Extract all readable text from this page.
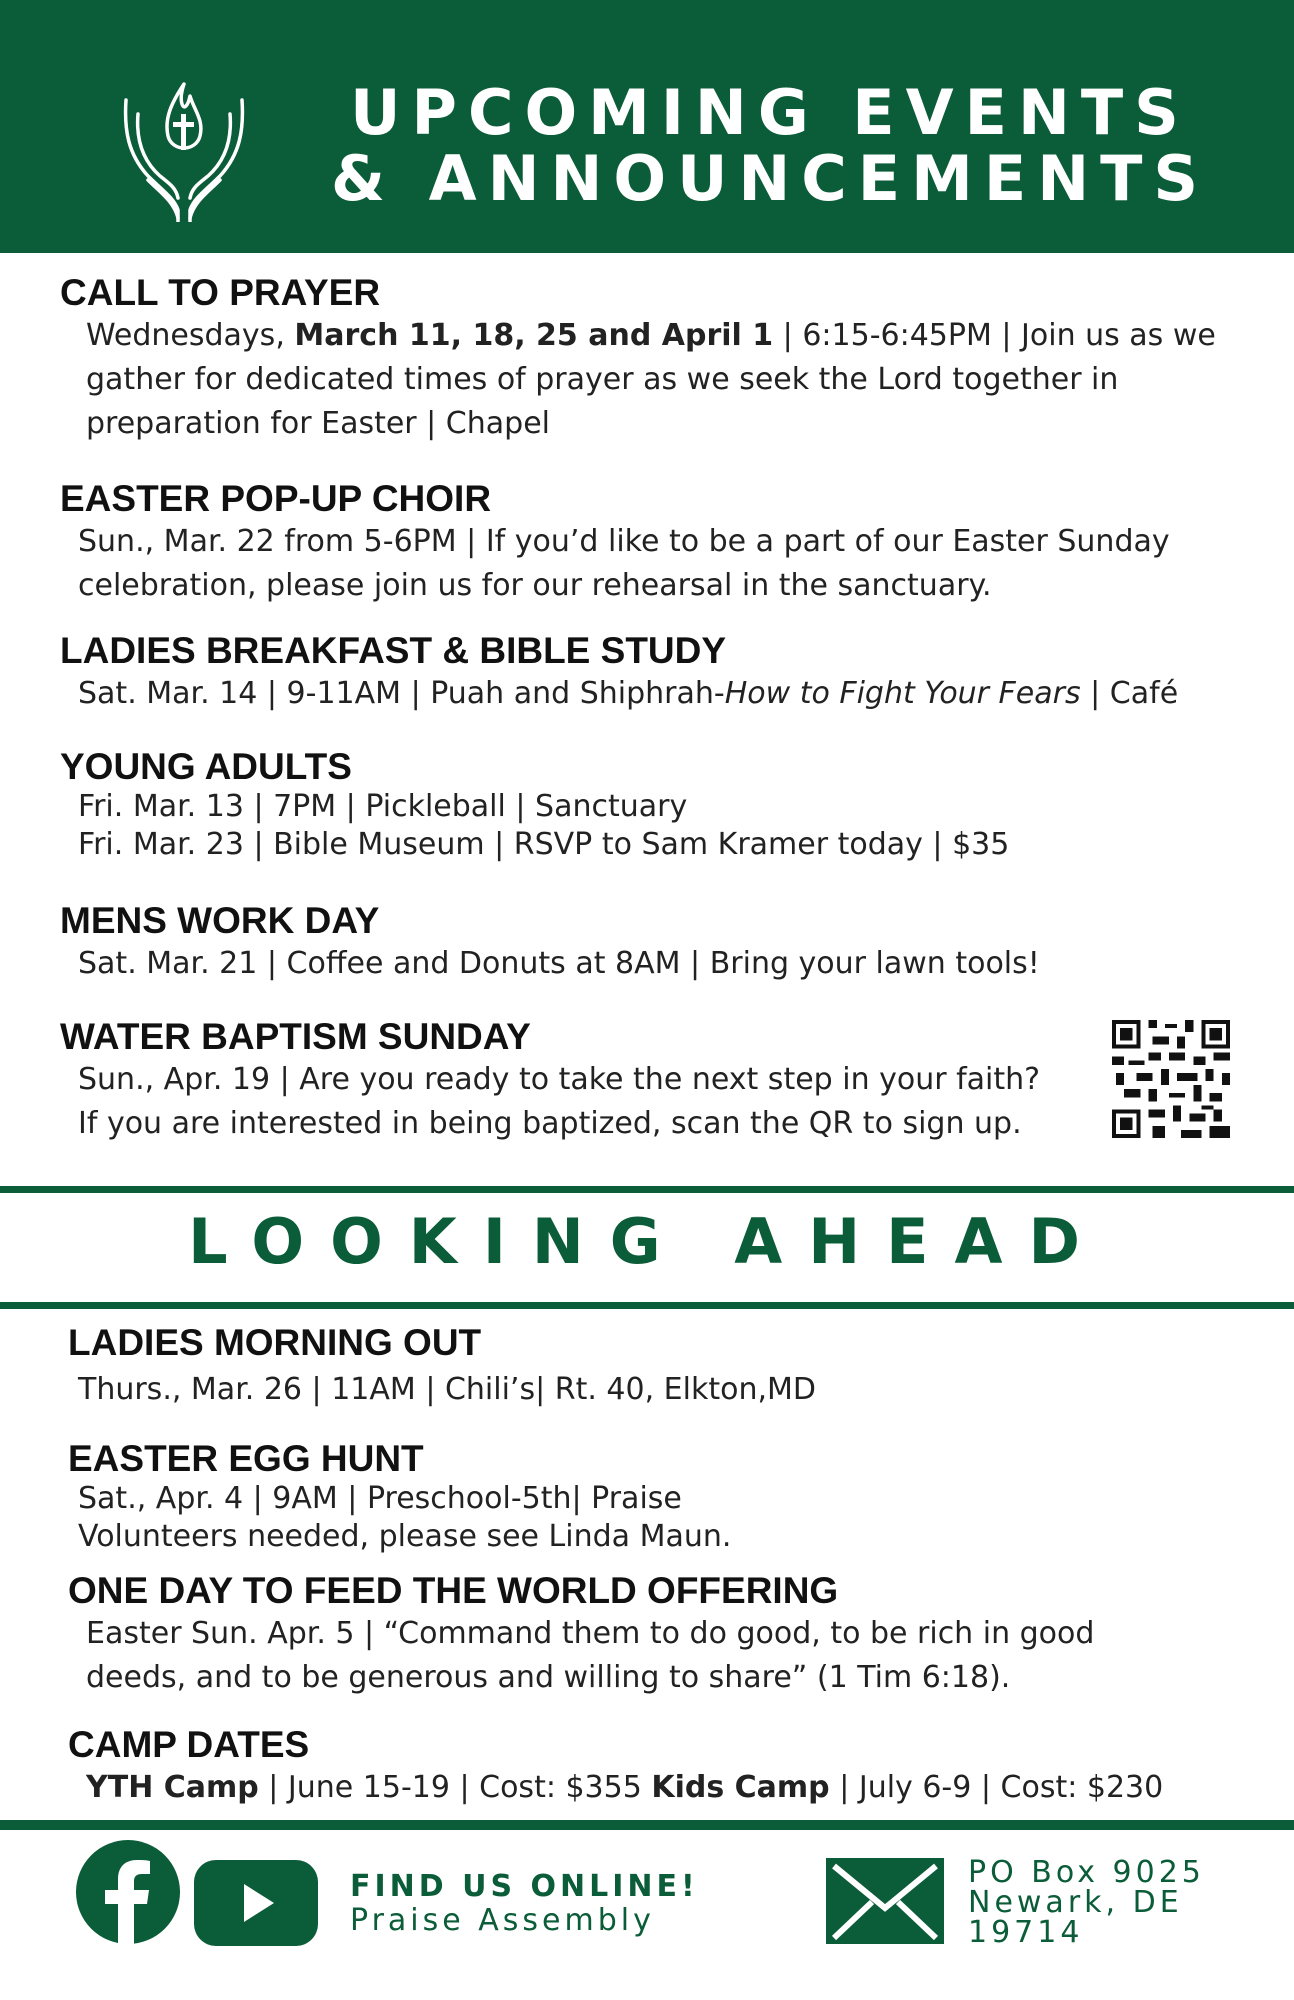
UPCOMING EVENTS
& ANNOUNCEMENTS

CALL TO PRAYER

Wednesdays, March 11, 18, 25 and April 1 | 6:15-6:45PM | Join us as we

gather for dedicated times of prayer as we seek the Lord together in

preparation for Easter | Chapel

EASTER POP-UP CHOIR

Sun., Mar. 22 from 5-6PM | If you’d like to be a part of our Easter Sunday

celebration, please join us for our rehearsal in the sanctuary.

LADIES BREAKFAST & BIBLE STUDY

Sat. Mar. 14 | 9-11AM | Puah and Shiphrah-How to Fight Your Fears | Café

YOUNG ADULTS

Fri. Mar. 13 | 7PM | Pickleball | Sanctuary

Fri. Mar. 23 | Bible Museum | RSVP to Sam Kramer today | $35

MENS WORK DAY

Sat. Mar. 21 | Coffee and Donuts at 8AM | Bring your lawn tools!

WATER BAPTISM SUNDAY

Sun., Apr. 19 | Are you ready to take the next step in your faith?

If you are interested in being baptized, scan the QR to sign up.

LOOKING AHEAD

LADIES MORNING OUT

Thurs., Mar. 26 | 11AM | Chili’s| Rt. 40, Elkton,MD

EASTER EGG HUNT

Sat., Apr. 4 | 9AM | Preschool-5th| Praise

Volunteers needed, please see Linda Maun.

ONE DAY TO FEED THE WORLD OFFERING

Easter Sun. Apr. 5 | “Command them to do good, to be rich in good

deeds, and to be generous and willing to share” (1 Tim 6:18).

CAMP DATES

YTH Camp | June 15-19 | Cost: $355 Kids Camp | July 6-9 | Cost: $230

FIND US ONLINE!
Praise Assembly
PO Box 9025
Newark, DE
19714
